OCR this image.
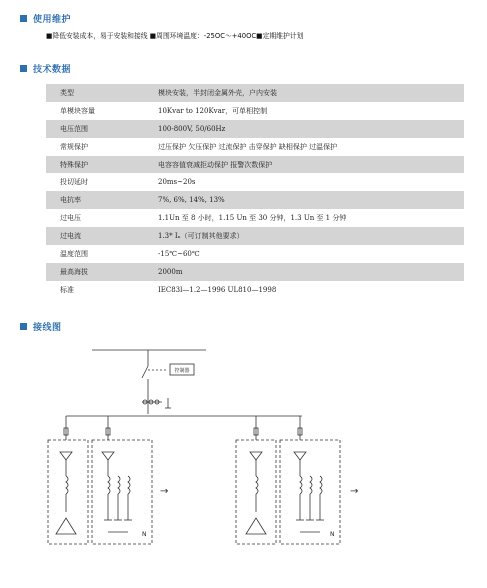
使用维护
■降低安装成本，易于安装和接线 ■周围环境温度：-25OC～+40OC■定期维护计划
技术数据
类型	模块安装，半封闭金属外壳，户内安装
单模块容量	10Kvar to 120Kvar，可单相控制
电压范围	100-800V, 50/60Hz
常规保护	过压保护 欠压保护 过流保护 击穿保护 缺相保护 过温保护
特殊保护	电容容值衰减拒动保护 报警次数保护
投切延时	20ms~20s
电抗率	7%, 6%, 14%, 13%
过电压	1.1Un 至 8 小时，1.15 Un 至 30 分钟，1.3 Un 至 1 分钟
过电流	1.3* Iₙ（可订制其他要求）
温度范围	-15℃~60℃
最高海拔	2000m
标准	IEC83l—1.2—1996 UL810—1998
接线图
控制器
N	N
→	→
